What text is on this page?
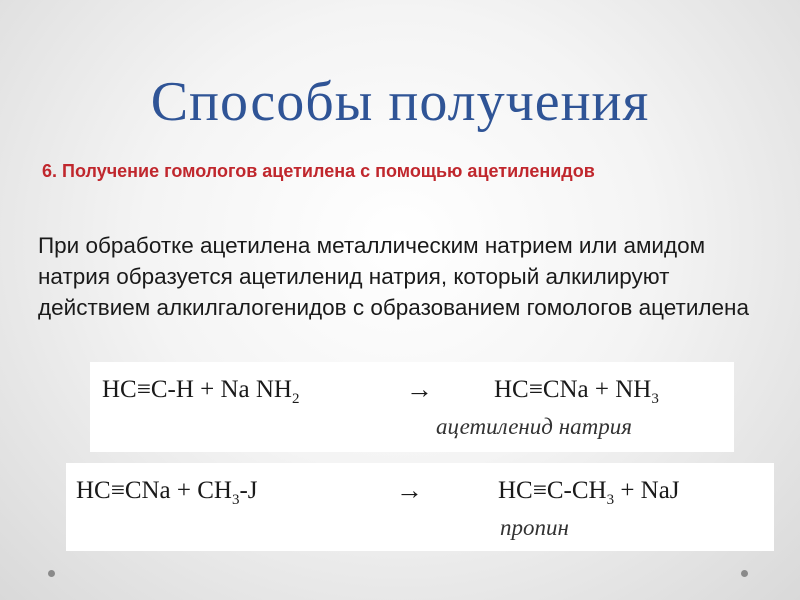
Способы получения
6. Получение гомологов ацетилена с помощью ацетиленидов
При обработке ацетилена металлическим натрием или амидом натрия образуется ацетиленид натрия, который алкилируют действием алкилгалогенидов с образованием гомологов ацетилена
HC≡C-H + Na $NH_2$	→ $HC\equiv CNa + NH_3$
ацетиленид натрия
$HC\equiv CNa + CH_3-J$	→	$HC\equiv C-CH_3$ + NaJ
пропин
